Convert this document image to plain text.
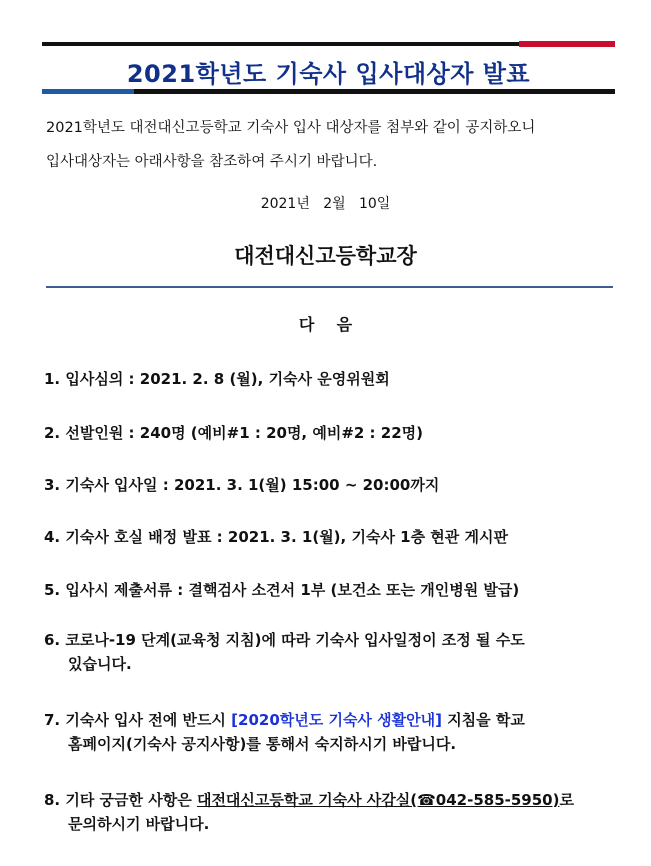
2021학년도 기숙사 입사대상자 발표
2021학년도 대전대신고등학교 기숙사 입사 대상자를 첨부와 같이 공지하오니
입사대상자는 아래사항을 참조하여 주시기 바랍니다.
2021년   2월   10일
대전대신고등학교장
다    음
1. 입사심의 : 2021. 2. 8 (월), 기숙사 운영위원회
2. 선발인원 : 240명 (예비#1 : 20명, 예비#2 : 22명)
3. 기숙사 입사일 : 2021. 3. 1(월) 15:00 ~ 20:00까지
4. 기숙사 호실 배정 발표 : 2021. 3. 1(월), 기숙사 1층 현관 게시판
5. 입사시 제출서류 : 결핵검사 소견서 1부 (보건소 또는 개인병원 발급)
6. 코로나-19 단계(교육청 지침)에 따라 기숙사 입사일정이 조정 될 수도
있습니다.
7. 기숙사 입사 전에 반드시 [2020학년도 기숙사 생활안내] 지침을 학교
홈페이지(기숙사 공지사항)를 통해서 숙지하시기 바랍니다.
8. 기타 궁금한 사항은 대전대신고등학교 기숙사 사감실(☎042-585-5950)로
문의하시기 바랍니다.
